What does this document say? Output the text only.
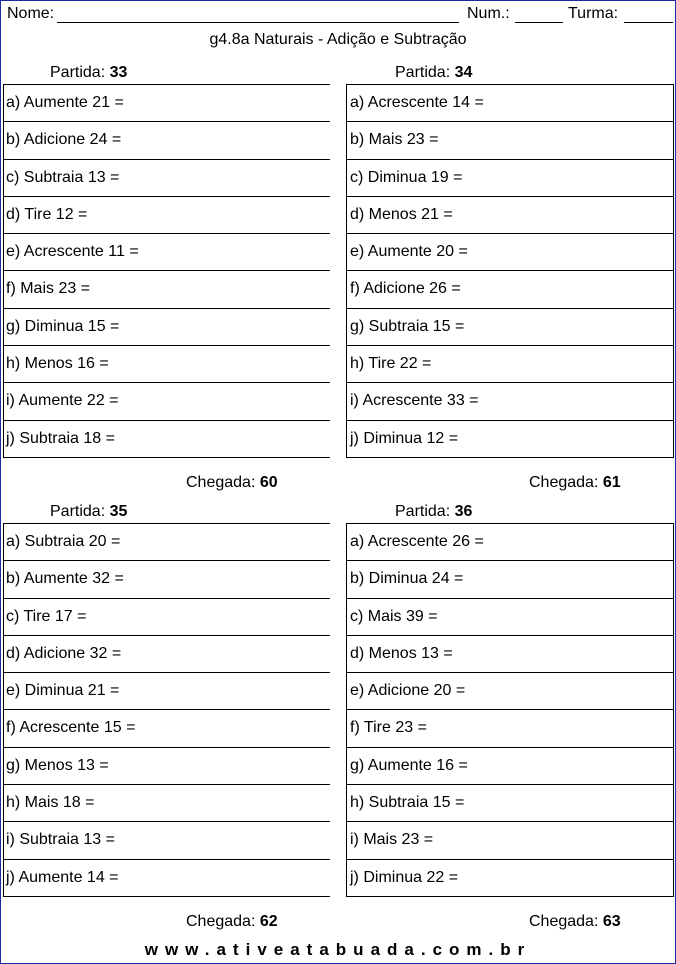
Nome:	Num.:	Turma:
g4.8a Naturais - Adição e Subtração
Partida: 33
a) Aumente 21 =
b) Adicione 24 =
c) Subtraia 13 =
d) Tire 12 =
e) Acrescente 11 =
f) Mais 23 =
g) Diminua 15 =
h) Menos 16 =
i) Aumente 22 =
j) Subtraia 18 =
Chegada: 60
Partida: 34
a) Acrescente 14 =
b) Mais 23 =
c) Diminua 19 =
d) Menos 21 =
e) Aumente 20 =
f) Adicione 26 =
g) Subtraia 15 =
h) Tire 22 =
i) Acrescente 33 =
j) Diminua 12 =
Chegada: 61
Partida: 35
a) Subtraia 20 =
b) Aumente 32 =
c) Tire 17 =
d) Adicione 32 =
e) Diminua 21 =
f) Acrescente 15 =
g) Menos 13 =
h) Mais 18 =
i) Subtraia 13 =
j) Aumente 14 =
Chegada: 62
Partida: 36
a) Acrescente 26 =
b) Diminua 24 =
c) Mais 39 =
d) Menos 13 =
e) Adicione 20 =
f) Tire 23 =
g) Aumente 16 =
h) Subtraia 15 =
i) Mais 23 =
j) Diminua 22 =
Chegada: 63
www.ativeatabuada.com.br
